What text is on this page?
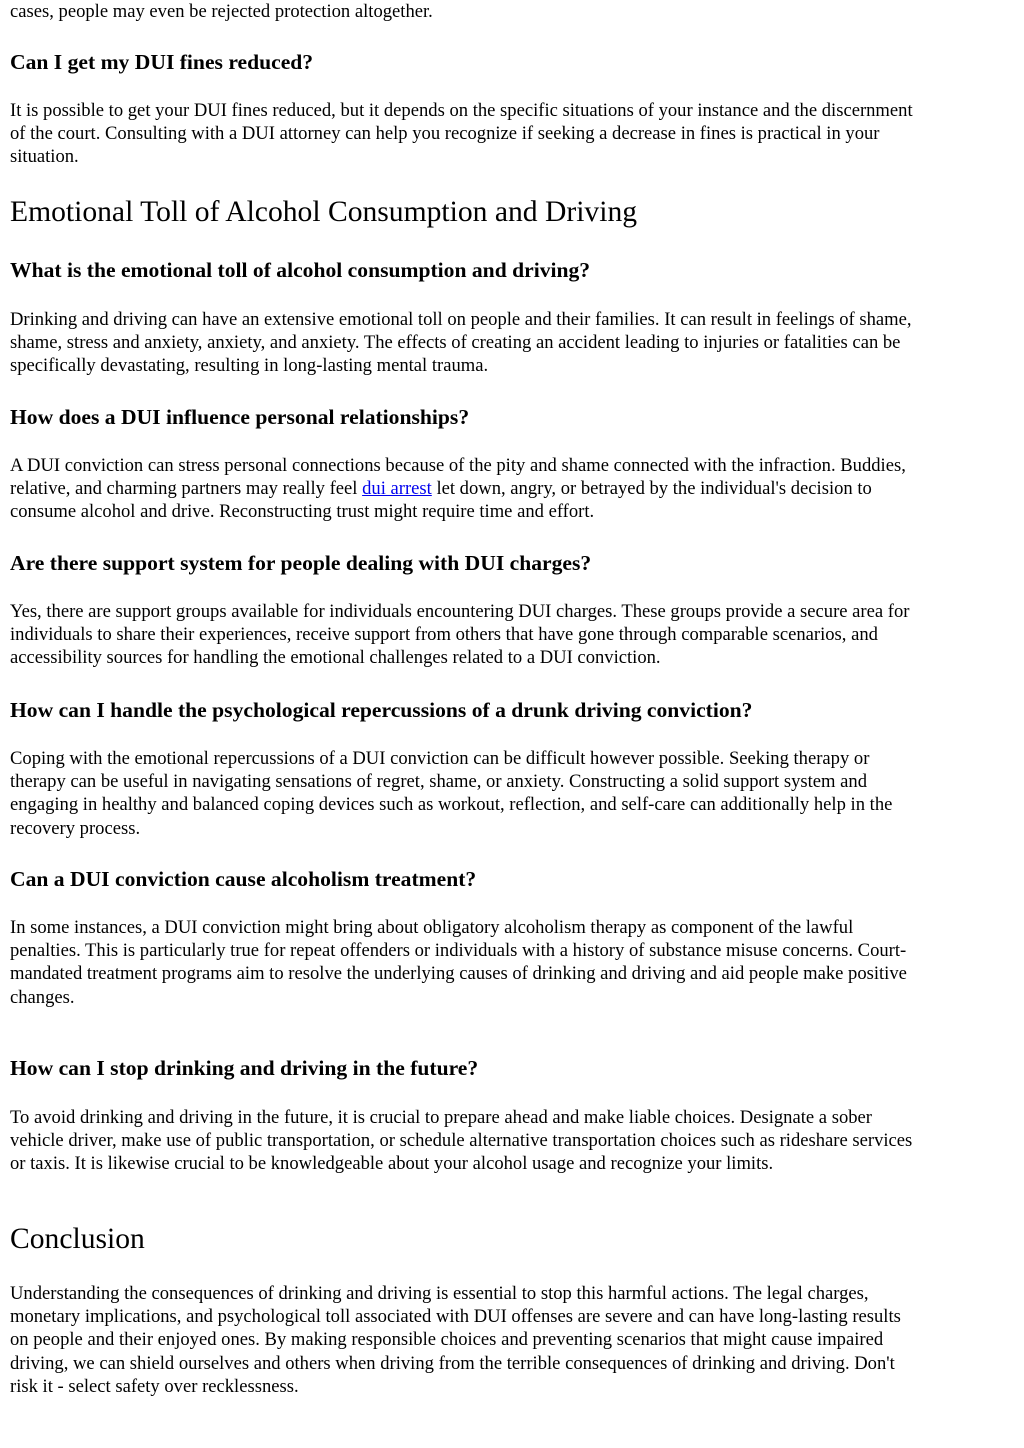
cases, people may even be rejected protection altogether.

Can I get my DUI fines reduced?

It is possible to get your DUI fines reduced, but it depends on the specific situations of your instance and the discernment
of the court. Consulting with a DUI attorney can help you recognize if seeking a decrease in fines is practical in your
situation.

Emotional Toll of Alcohol Consumption and Driving
What is the emotional toll of alcohol consumption and driving?

Drinking and driving can have an extensive emotional toll on people and their families. It can result in feelings of shame,
shame, stress and anxiety, anxiety, and anxiety. The effects of creating an accident leading to injuries or fatalities can be
specifically devastating, resulting in long-lasting mental trauma.

How does a DUI influence personal relationships?

A DUI conviction can stress personal connections because of the pity and shame connected with the infraction. Buddies,
relative, and charming partners may really feel dui arrest let down, angry, or betrayed by the individual's decision to
consume alcohol and drive. Reconstructing trust might require time and effort.

Are there support system for people dealing with DUI charges?

Yes, there are support groups available for individuals encountering DUI charges. These groups provide a secure area for
individuals to share their experiences, receive support from others that have gone through comparable scenarios, and
accessibility sources for handling the emotional challenges related to a DUI conviction.

How can I handle the psychological repercussions of a drunk driving conviction?

Coping with the emotional repercussions of a DUI conviction can be difficult however possible. Seeking therapy or
therapy can be useful in navigating sensations of regret, shame, or anxiety. Constructing a solid support system and
engaging in healthy and balanced coping devices such as workout, reflection, and self-care can additionally help in the
recovery process.

Can a DUI conviction cause alcoholism treatment?

In some instances, a DUI conviction might bring about obligatory alcoholism therapy as component of the lawful
penalties. This is particularly true for repeat offenders or individuals with a history of substance misuse concerns. Court-
mandated treatment programs aim to resolve the underlying causes of drinking and driving and aid people make positive
changes.

How can I stop drinking and driving in the future?

To avoid drinking and driving in the future, it is crucial to prepare ahead and make liable choices. Designate a sober
vehicle driver, make use of public transportation, or schedule alternative transportation choices such as rideshare services
or taxis. It is likewise crucial to be knowledgeable about your alcohol usage and recognize your limits.

Conclusion

Understanding the consequences of drinking and driving is essential to stop this harmful actions. The legal charges,
monetary implications, and psychological toll associated with DUI offenses are severe and can have long-lasting results
on people and their enjoyed ones. By making responsible choices and preventing scenarios that might cause impaired
driving, we can shield ourselves and others when driving from the terrible consequences of drinking and driving. Don't
risk it - select safety over recklessness.
